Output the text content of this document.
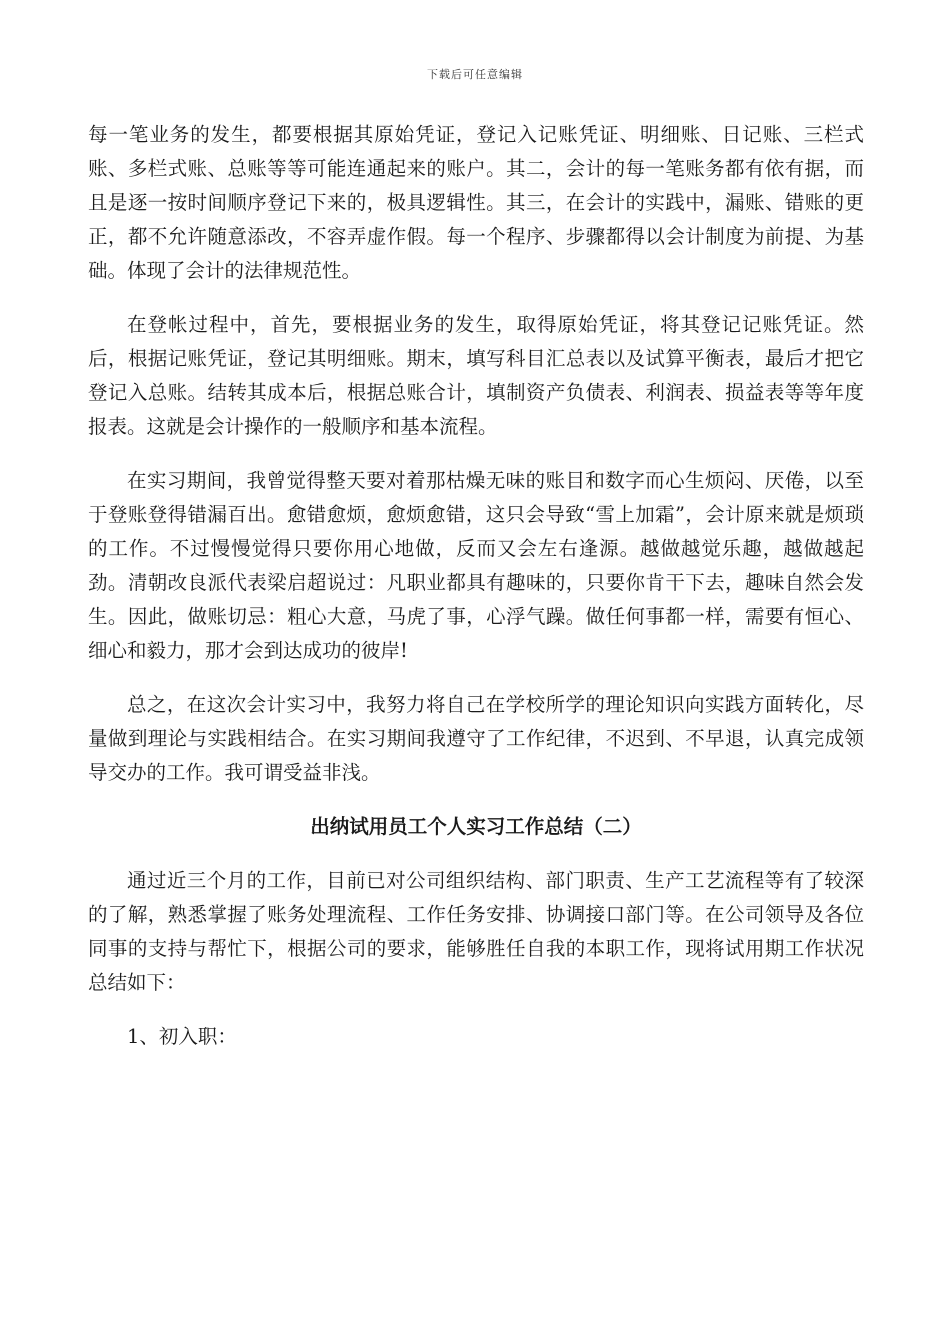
下载后可任意编辑

每一笔业务的发生，都要根据其原始凭证，登记入记账凭证、明细账、日记账、三栏式账、多栏式账、总账等等可能连通起来的账户。其二，会计的每一笔账务都有依有据，而且是逐一按时间顺序登记下来的，极具逻辑性。其三，在会计的实践中，漏账、错账的更正，都不允许随意添改，不容弄虚作假。每一个程序、步骤都得以会计制度为前提、为基础。体现了会计的法律规范性。

在登帐过程中，首先，要根据业务的发生，取得原始凭证，将其登记记账凭证。然后，根据记账凭证，登记其明细账。期末，填写科目汇总表以及试算平衡表，最后才把它登记入总账。结转其成本后，根据总账合计，填制资产负债表、利润表、损益表等等年度报表。这就是会计操作的一般顺序和基本流程。

在实习期间，我曾觉得整天要对着那枯燥无味的账目和数字而心生烦闷、厌倦，以至于登账登得错漏百出。愈错愈烦，愈烦愈错，这只会导致“雪上加霜”，会计原来就是烦琐的工作。不过慢慢觉得只要你用心地做，反而又会左右逢源。越做越觉乐趣，越做越起劲。清朝改良派代表梁启超说过：凡职业都具有趣味的，只要你肯干下去，趣味自然会发生。因此，做账切忌：粗心大意，马虎了事，心浮气躁。做任何事都一样，需要有恒心、细心和毅力，那才会到达成功的彼岸!

总之，在这次会计实习中，我努力将自己在学校所学的理论知识向实践方面转化，尽量做到理论与实践相结合。在实习期间我遵守了工作纪律，不迟到、不早退，认真完成领导交办的工作。我可谓受益非浅。

出纳试用员工个人实习工作总结（二）

通过近三个月的工作，目前已对公司组织结构、部门职责、生产工艺流程等有了较深的了解，熟悉掌握了账务处理流程、工作任务安排、协调接口部门等。在公司领导及各位同事的支持与帮忙下，根据公司的要求，能够胜任自我的本职工作，现将试用期工作状况总结如下：

1、初入职：
